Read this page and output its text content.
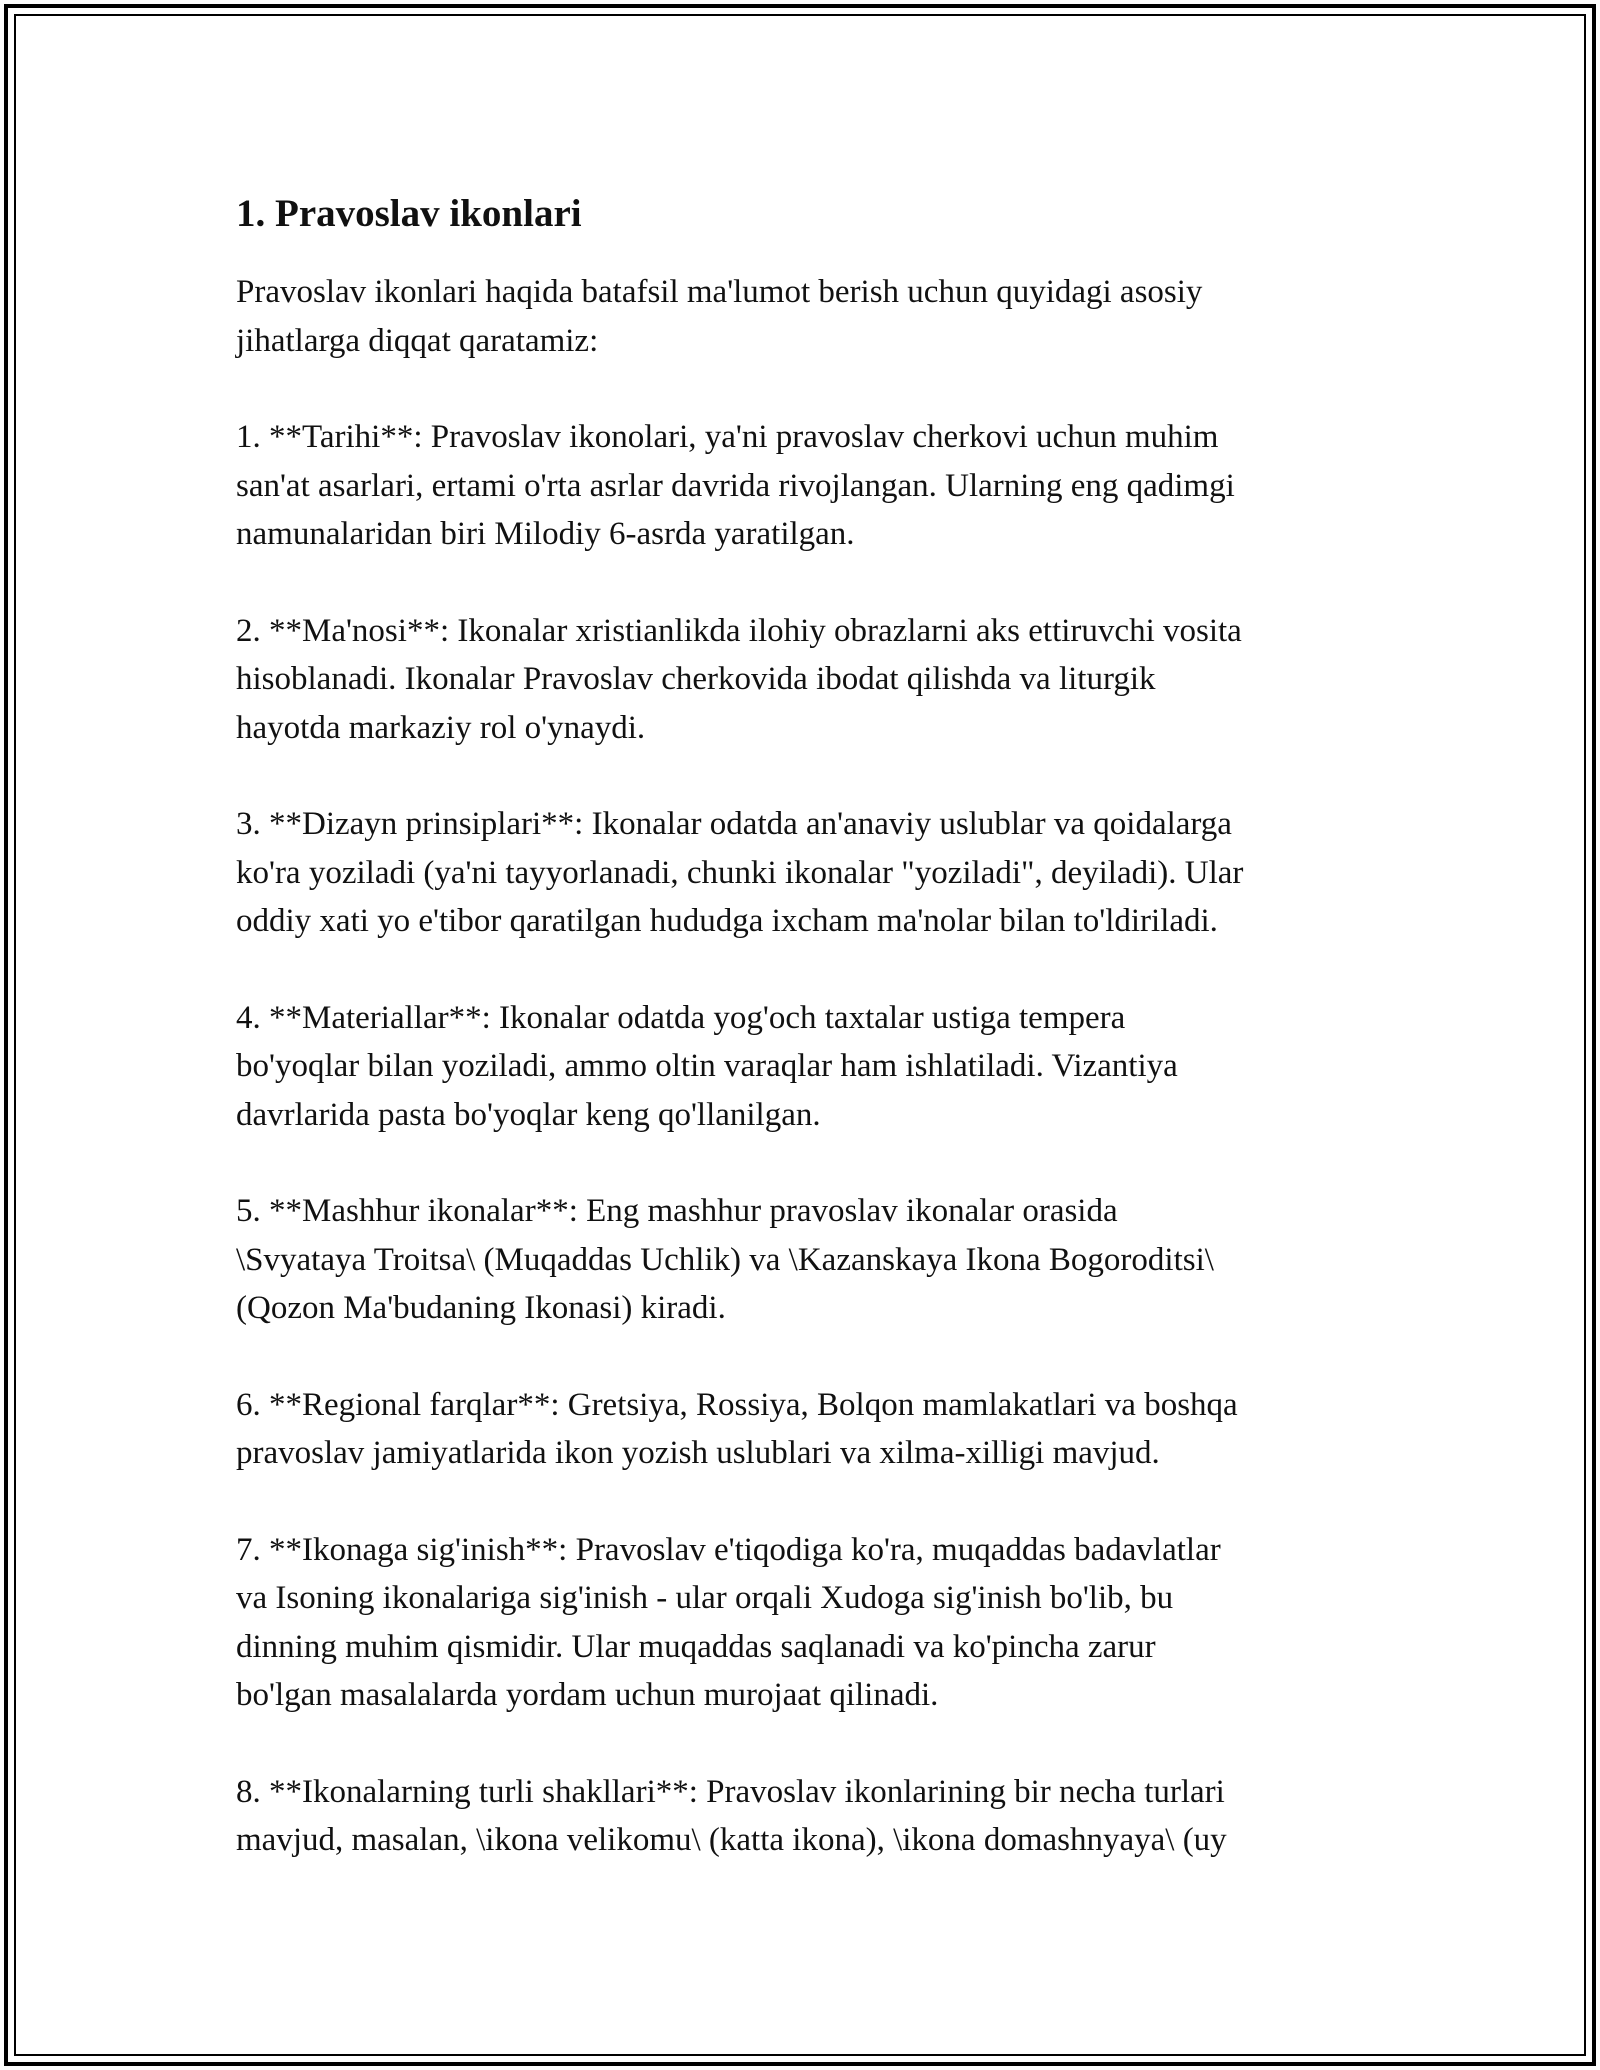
1. Pravoslav ikonlari

Pravoslav ikonlari haqida batafsil ma'lumot berish uchun quyidagi asosiy
jihatlarga diqqat qaratamiz:

1. **Tarihi**: Pravoslav ikonolari, ya'ni pravoslav cherkovi uchun muhim
san'at asarlari, ertami o'rta asrlar davrida rivojlangan. Ularning eng qadimgi
namunalaridan biri Milodiy 6-asrda yaratilgan.

2. **Ma'nosi**: Ikonalar xristianlikda ilohiy obrazlarni aks ettiruvchi vosita
hisoblanadi. Ikonalar Pravoslav cherkovida ibodat qilishda va liturgik
hayotda markaziy rol o'ynaydi.

3. **Dizayn prinsiplari**: Ikonalar odatda an'anaviy uslublar va qoidalarga
ko'ra yoziladi (ya'ni tayyorlanadi, chunki ikonalar "yoziladi", deyiladi). Ular
oddiy xati yo e'tibor qaratilgan hududga ixcham ma'nolar bilan to'ldiriladi.

4. **Materiallar**: Ikonalar odatda yog'och taxtalar ustiga tempera
bo'yoqlar bilan yoziladi, ammo oltin varaqlar ham ishlatiladi. Vizantiya
davrlarida pasta bo'yoqlar keng qo'llanilgan.

5. **Mashhur ikonalar**: Eng mashhur pravoslav ikonalar orasida
\Svyataya Troitsa\ (Muqaddas Uchlik) va \Kazanskaya Ikona Bogoroditsi\
(Qozon Ma'budaning Ikonasi) kiradi.

6. **Regional farqlar**: Gretsiya, Rossiya, Bolqon mamlakatlari va boshqa
pravoslav jamiyatlarida ikon yozish uslublari va xilma-xilligi mavjud.

7. **Ikonaga sig'inish**: Pravoslav e'tiqodiga ko'ra, muqaddas badavlatlar
va Isoning ikonalariga sig'inish - ular orqali Xudoga sig'inish bo'lib, bu
dinning muhim qismidir. Ular muqaddas saqlanadi va ko'pincha zarur
bo'lgan masalalarda yordam uchun murojaat qilinadi.

8. **Ikonalarning turli shakllari**: Pravoslav ikonlarining bir necha turlari
mavjud, masalan, \ikona velikomu\ (katta ikona), \ikona domashnyaya\ (uy
